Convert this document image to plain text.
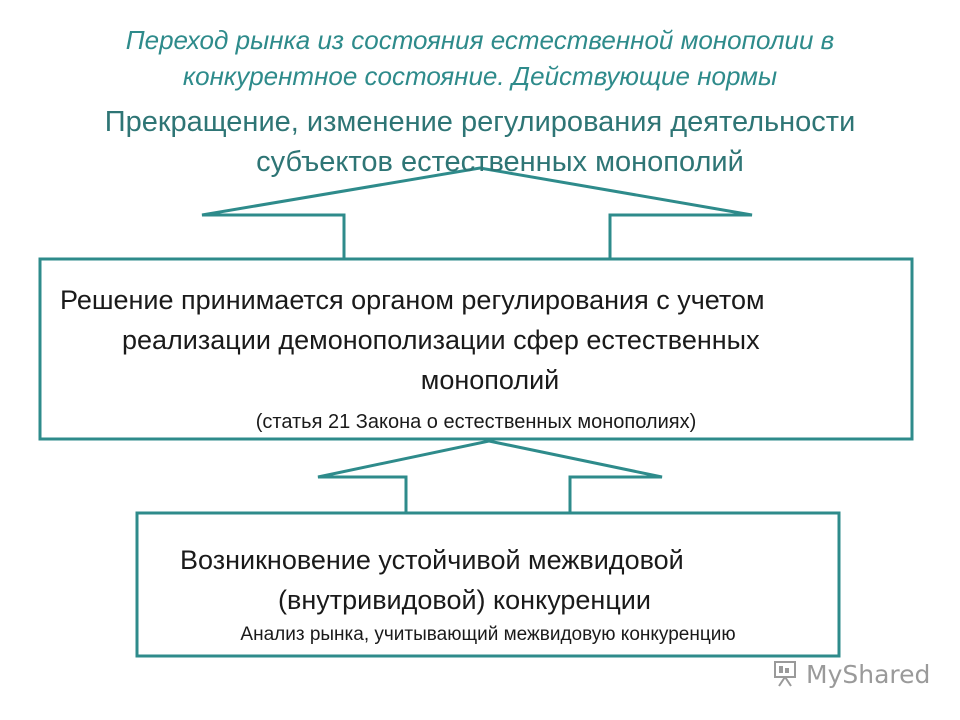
Переход рынка из состояния естественной монополии в
конкурентное состояние. Действующие нормы
Прекращение, изменение регулирования деятельности
субъектов естественных монополий
Решение принимается органом регулирования с учетом
реализации демонополизации сфер естественных
монополий
(статья 21 Закона о естественных монополиях)
Возникновение устойчивой межвидовой
(внутривидовой) конкуренции
Анализ рынка, учитывающий межвидовую конкуренцию
MyShared
